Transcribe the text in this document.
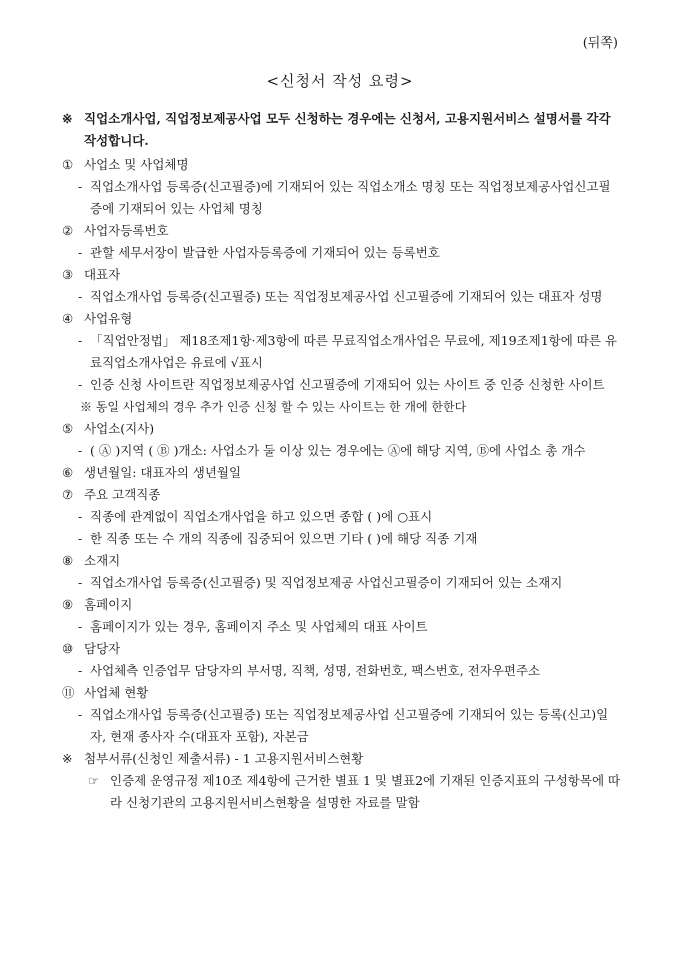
(뒤쪽)
<신청서 작성 요령>
※ 직업소개사업, 직업정보제공사업 모두 신청하는 경우에는 신청서, 고용지원서비스 설명서를 각각 작성합니다.
① 사업소 및 사업체명
- 직업소개사업 등록증(신고필증)에 기재되어 있는 직업소개소 명칭 또는 직업정보제공사업신고필증에 기재되어 있는 사업체 명칭
② 사업자등록번호
- 관할 세무서장이 발급한 사업자등록증에 기재되어 있는 등록번호
③ 대표자
- 직업소개사업 등록증(신고필증) 또는 직업정보제공사업 신고필증에 기재되어 있는 대표자 성명
④ 사업유형
- 「직업안정법」 제18조제1항·제3항에 따른 무료직업소개사업은 무료에, 제19조제1항에 따른 유료직업소개사업은 유료에 √표시
- 인증 신청 사이트란 직업정보제공사업 신고필증에 기재되어 있는 사이트 중 인증 신청한 사이트
※ 동일 사업체의 경우 추가 인증 신청 할 수 있는 사이트는 한 개에 한한다
⑤ 사업소(지사)
- ( Ⓐ )지역 ( Ⓑ )개소: 사업소가 둘 이상 있는 경우에는 Ⓐ에 해당 지역, Ⓑ에 사업소 총 개수
⑥ 생년월일: 대표자의 생년월일
⑦ 주요 고객직종
- 직종에 관계없이 직업소개사업을 하고 있으면 종합 ( )에 ○표시
- 한 직종 또는 수 개의 직종에 집중되어 있으면 기타 ( )에 해당 직종 기재
⑧ 소재지
- 직업소개사업 등록증(신고필증) 및 직업정보제공 사업신고필증이 기재되어 있는 소재지
⑨ 홈페이지
- 홈페이지가 있는 경우, 홈페이지 주소 및 사업체의 대표 사이트
⑩ 담당자
- 사업체측 인증업무 담당자의 부서명, 직책, 성명, 전화번호, 팩스번호, 전자우편주소
⑪ 사업체 현황
- 직업소개사업 등록증(신고필증) 또는 직업정보제공사업 신고필증에 기재되어 있는 등록(신고)일자, 현재 종사자 수(대표자 포함), 자본금
※ 첨부서류(신청인 제출서류) - 1 고용지원서비스현황
☞ 인증제 운영규정 제10조 제4항에 근거한 별표 1 및 별표2에 기재된 인증지표의 구성항목에 따라 신청기관의 고용지원서비스현황을 설명한 자료를 말함
